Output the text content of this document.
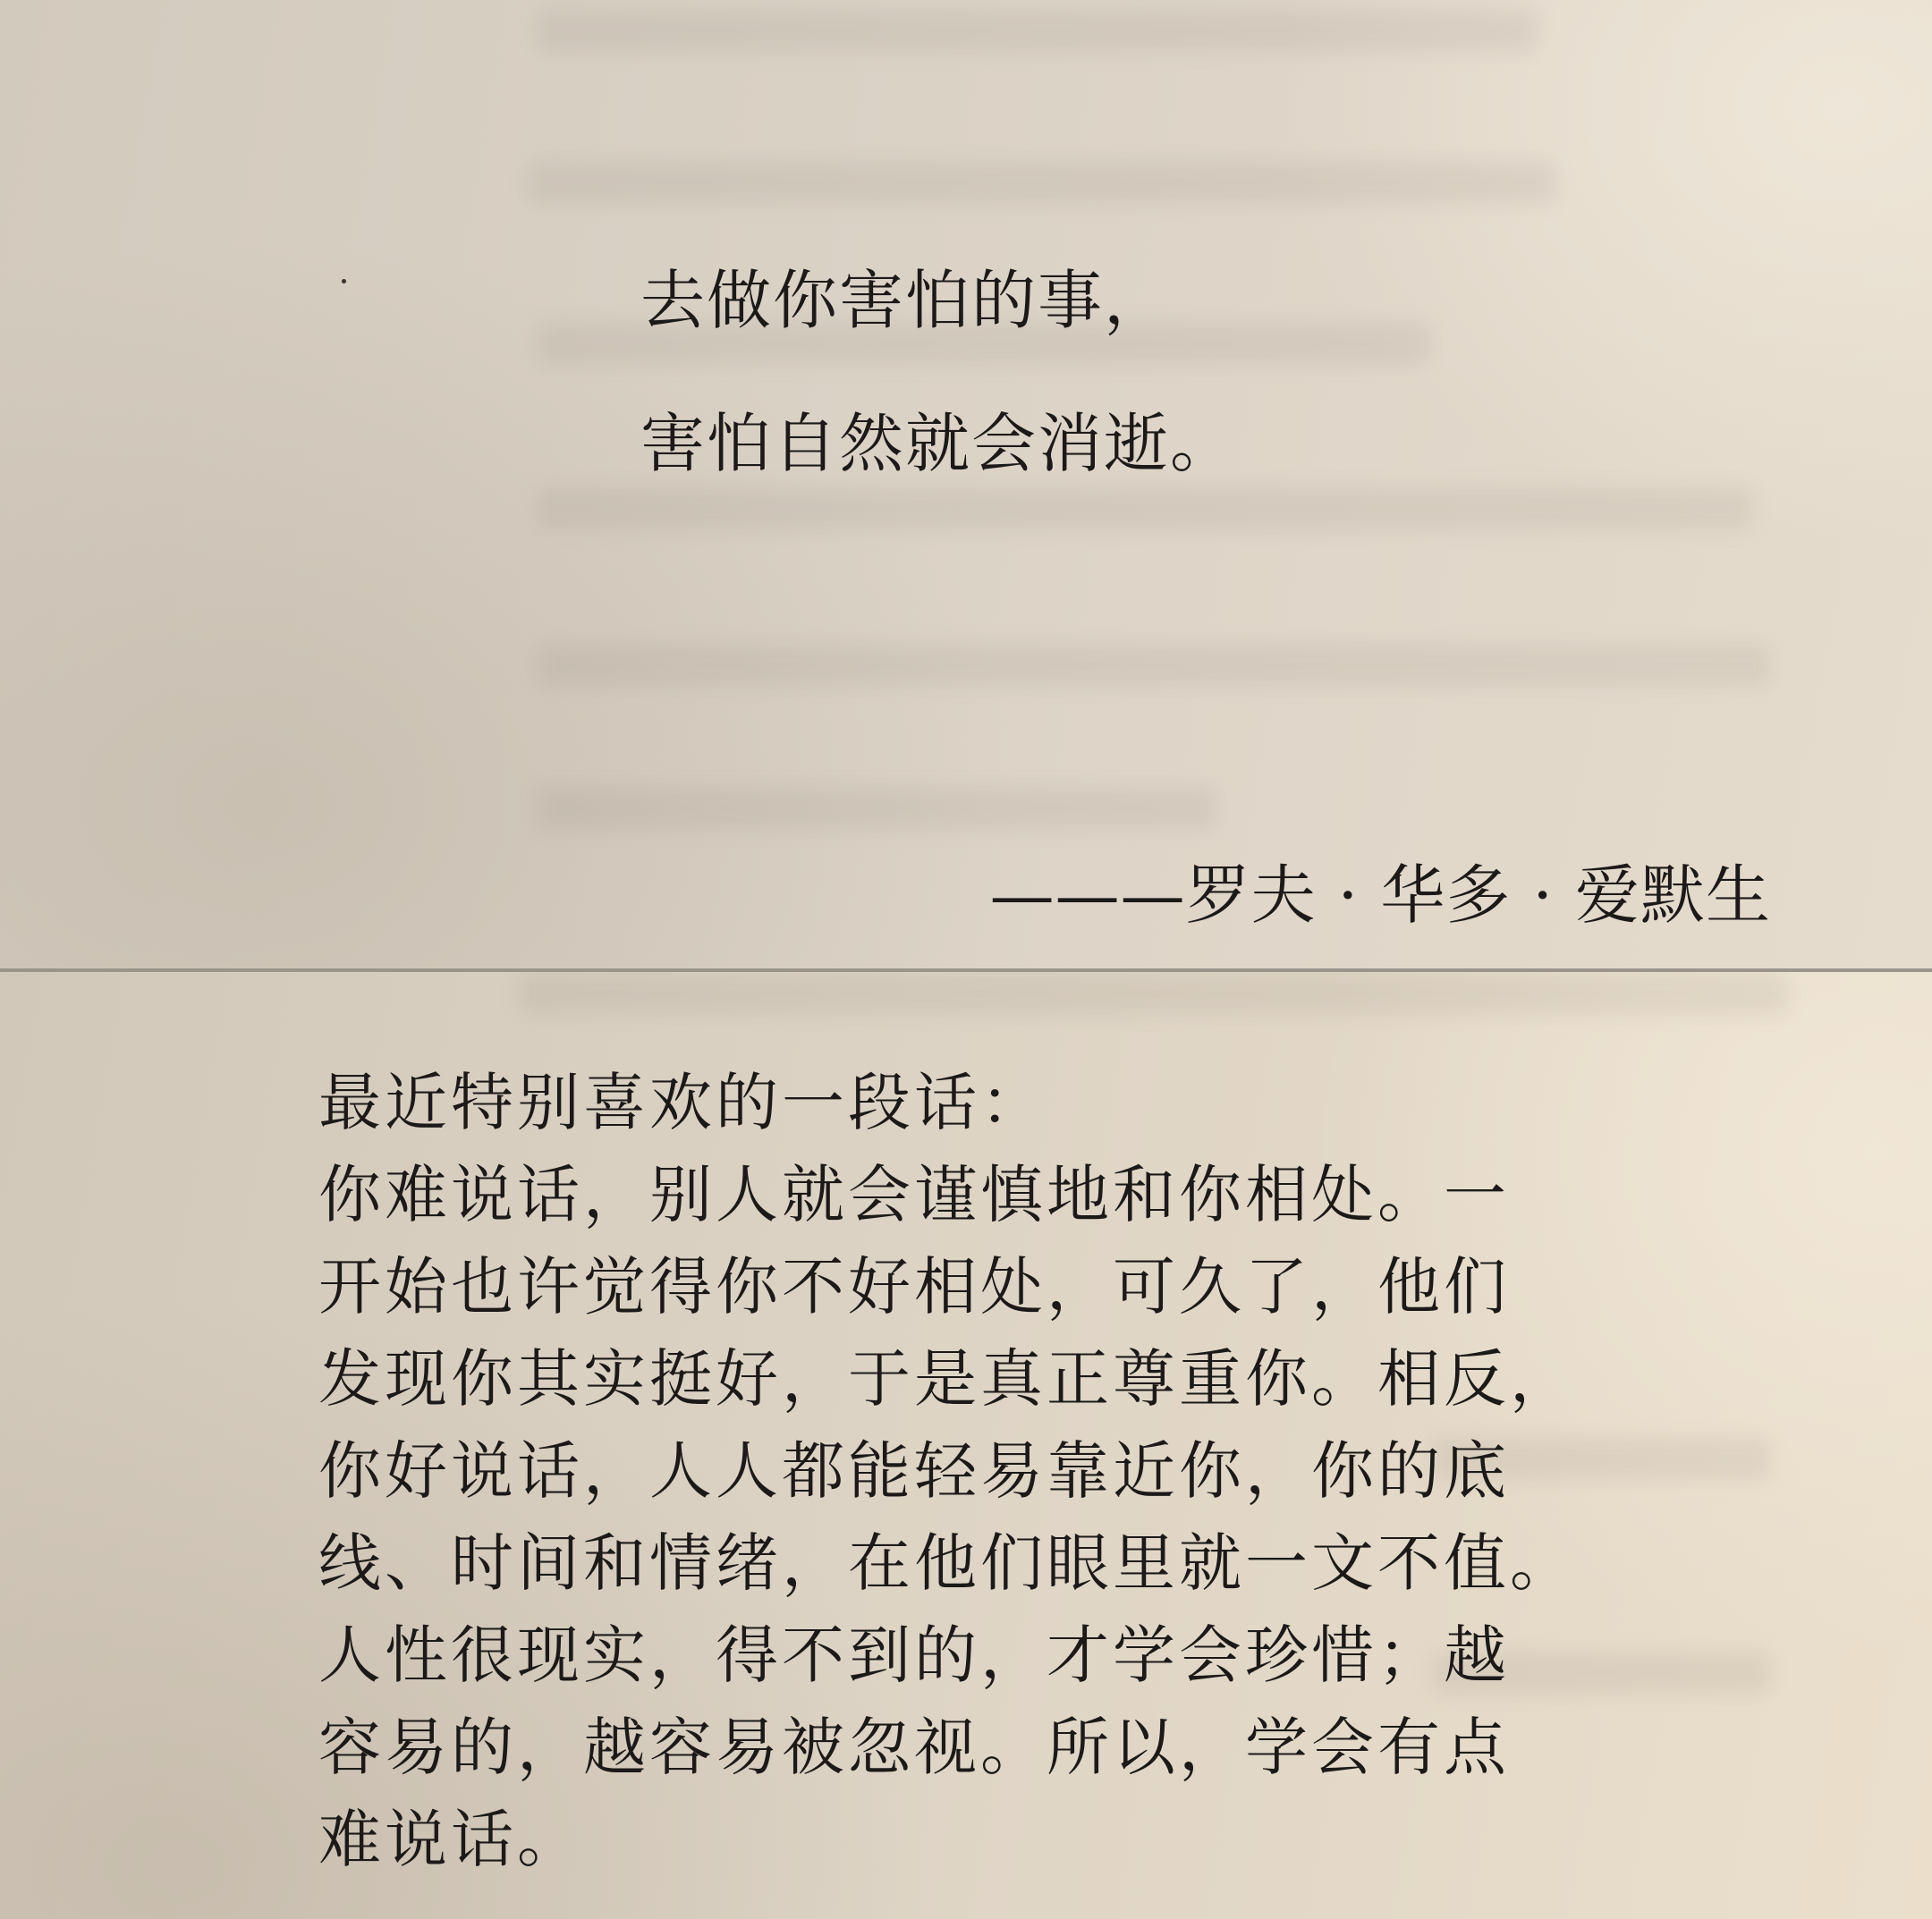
去做你害怕的事，
害怕自然就会消逝。
———罗夫 · 华多 · 爱默生
最近特别喜欢的一段话：
你难说话，别人就会谨慎地和你相处。一
开始也许觉得你不好相处，可久了，他们
发现你其实挺好，于是真正尊重你。相反，
你好说话，人人都能轻易靠近你，你的底
线、时间和情绪，在他们眼里就一文不值。
人性很现实，得不到的，才学会珍惜；越
容易的，越容易被忽视。所以，学会有点
难说话。
